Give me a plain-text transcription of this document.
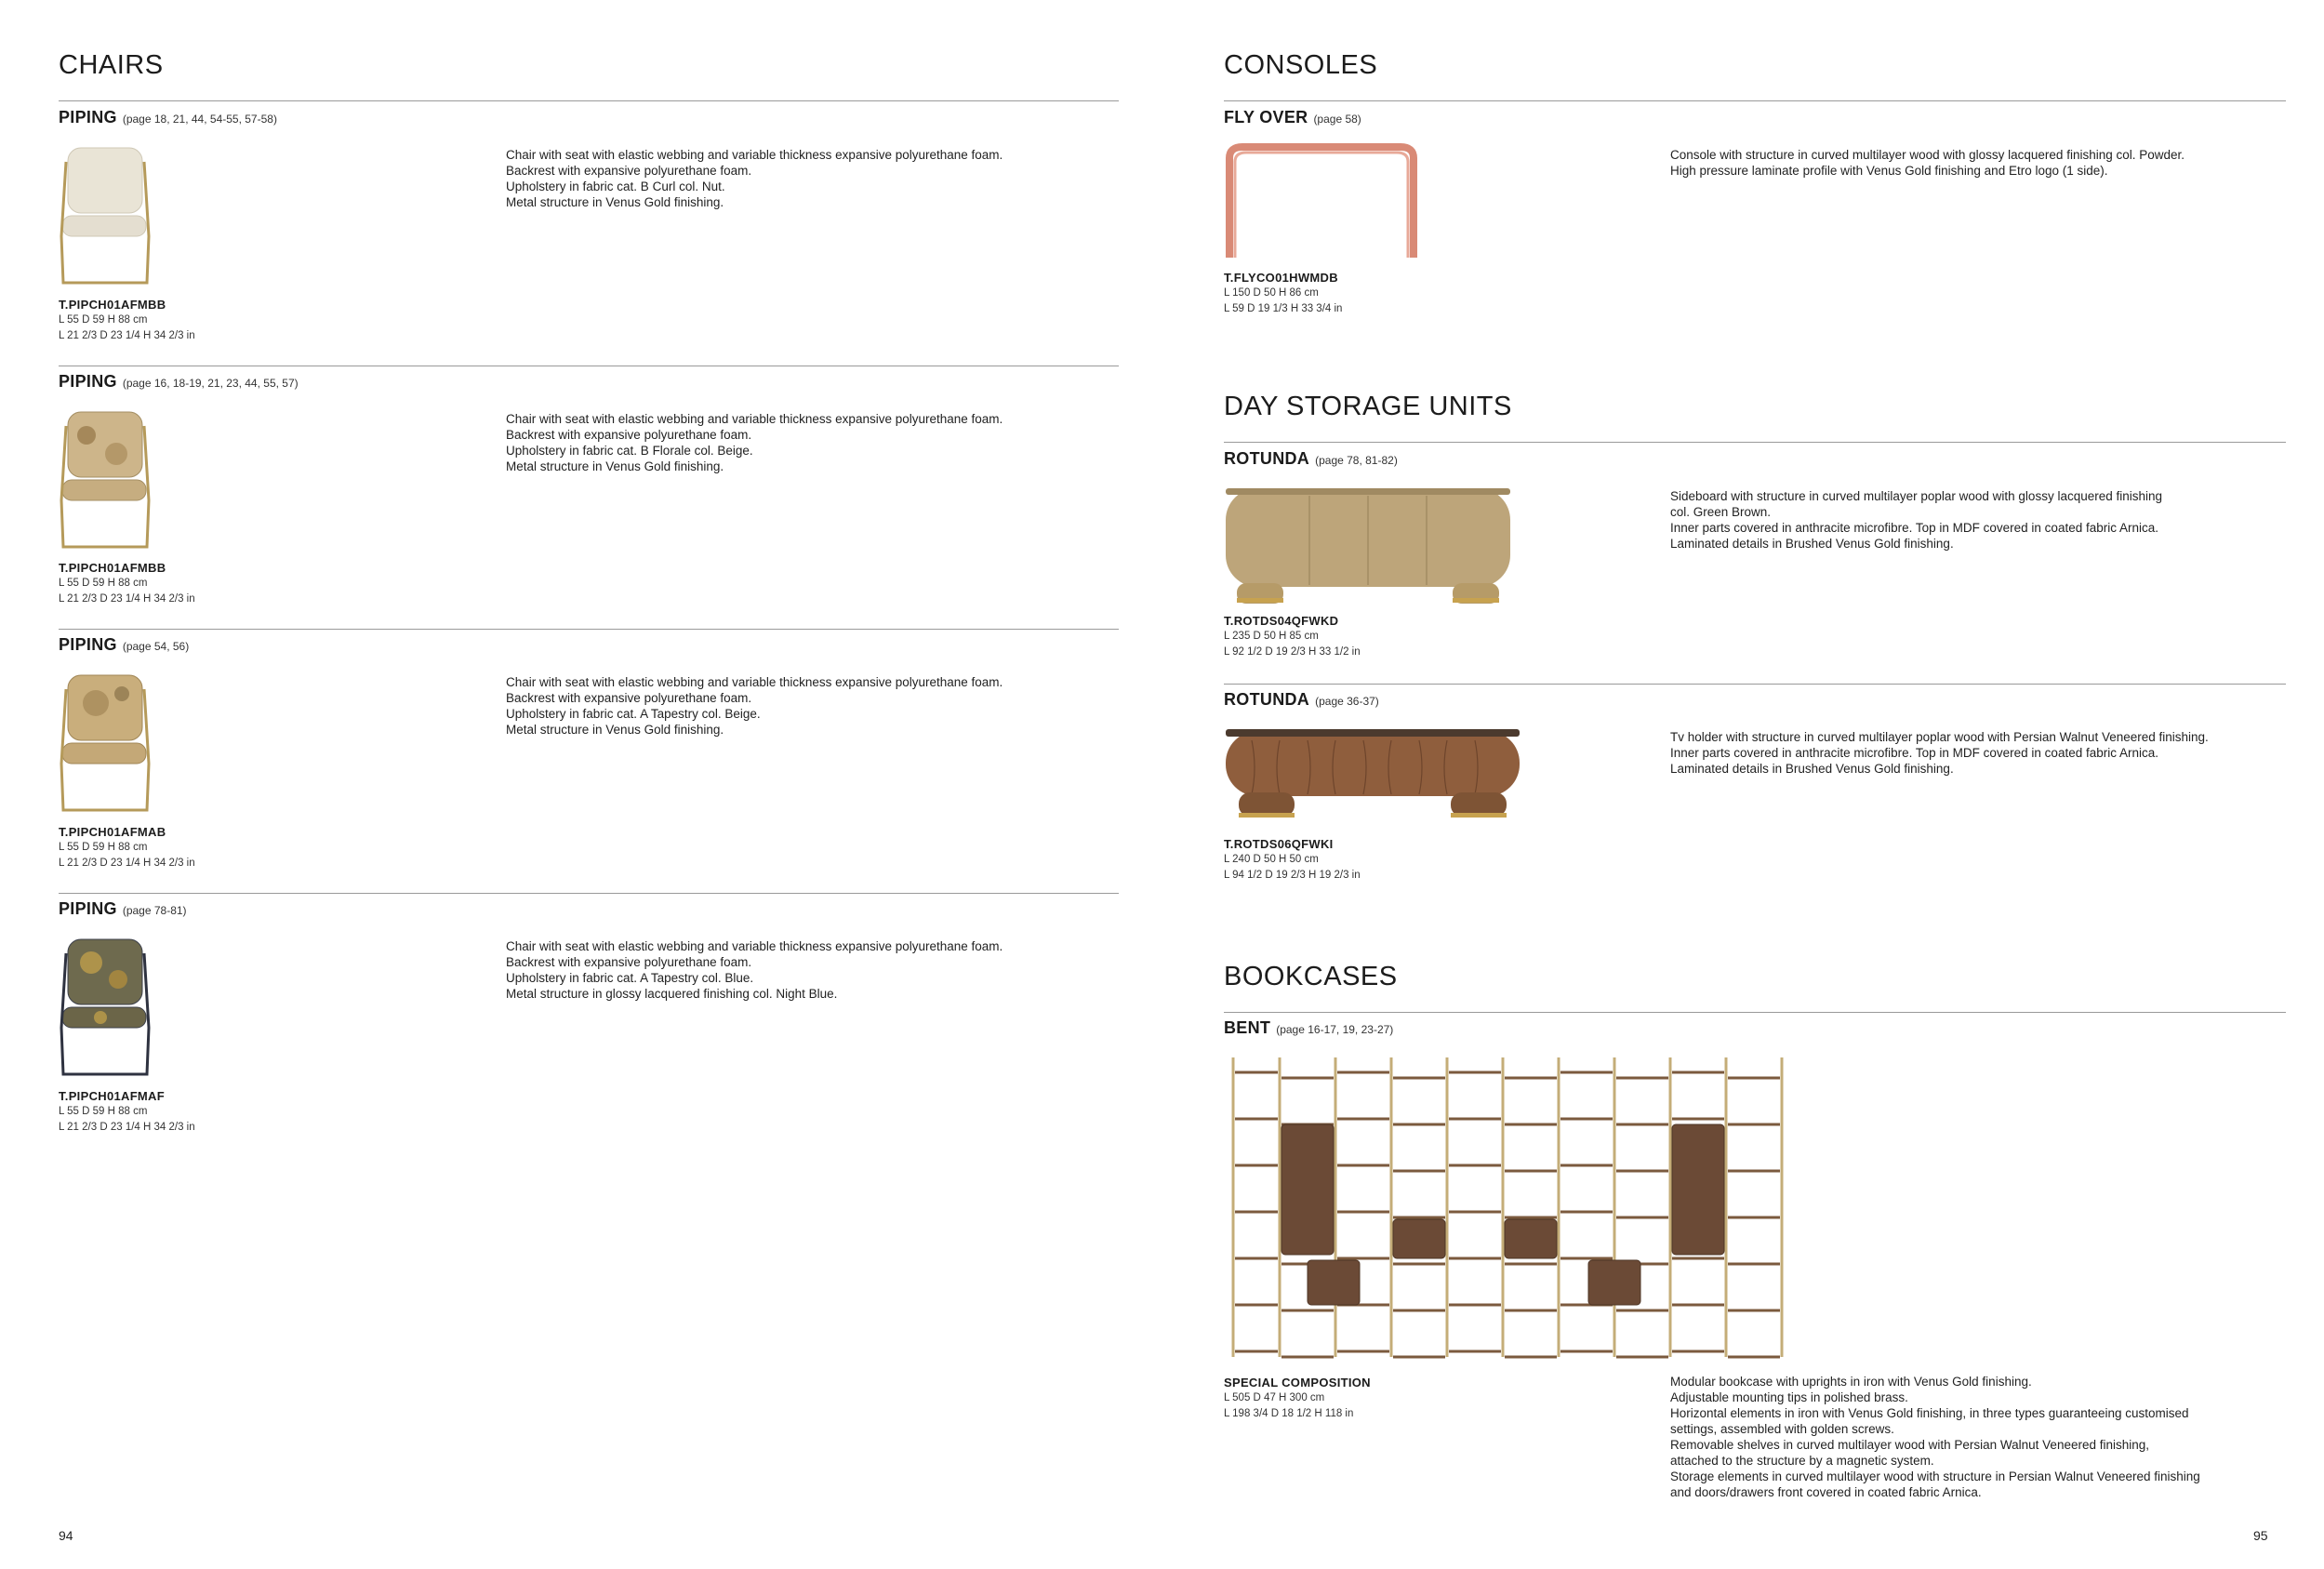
CHAIRS
PIPING (page 18, 21, 44, 54-55, 57-58)
T.PIPCH01AFMBB
L 55 D 59 H 88 cm
L 21 2/3 D 23 1/4 H 34 2/3 in
Chair with seat with elastic webbing and variable thickness expansive polyurethane foam.
Backrest with expansive polyurethane foam.
Upholstery in fabric cat. B Curl col. Nut.
Metal structure in Venus Gold finishing.
PIPING (page 16, 18-19, 21, 23, 44, 55, 57)
T.PIPCH01AFMBB
L 55 D 59 H 88 cm
L 21 2/3 D 23 1/4 H 34 2/3 in
Chair with seat with elastic webbing and variable thickness expansive polyurethane foam.
Backrest with expansive polyurethane foam.
Upholstery in fabric cat. B Florale col. Beige.
Metal structure in Venus Gold finishing.
PIPING (page 54, 56)
T.PIPCH01AFMAB
L 55 D 59 H 88 cm
L 21 2/3 D 23 1/4 H 34 2/3 in
Chair with seat with elastic webbing and variable thickness expansive polyurethane foam.
Backrest with expansive polyurethane foam.
Upholstery in fabric cat. A Tapestry col. Beige.
Metal structure in Venus Gold finishing.
PIPING (page 78-81)
T.PIPCH01AFMAF
L 55 D 59 H 88 cm
L 21 2/3 D 23 1/4 H 34 2/3 in
Chair with seat with elastic webbing and variable thickness expansive polyurethane foam.
Backrest with expansive polyurethane foam.
Upholstery in fabric cat. A Tapestry col. Blue.
Metal structure in glossy lacquered finishing col. Night Blue.
94
CONSOLES
FLY OVER (page 58)
T.FLYCO01HWMDB
L 150 D 50 H 86 cm
L 59 D 19 1/3 H 33 3/4 in
Console with structure in curved multilayer wood with glossy lacquered finishing col. Powder.
High pressure laminate profile with Venus Gold finishing and Etro logo (1 side).
DAY STORAGE UNITS
ROTUNDA (page 78, 81-82)
T.ROTDS04QFWKD
L 235 D 50 H 85 cm
L 92 1/2 D 19 2/3 H 33 1/2 in
Sideboard with structure in curved multilayer poplar wood with glossy lacquered finishing
col. Green Brown.
Inner parts covered in anthracite microfibre. Top in MDF covered in coated fabric Arnica.
Laminated details in Brushed Venus Gold finishing.
ROTUNDA (page 36-37)
T.ROTDS06QFWKI
L 240 D 50 H 50 cm
L 94 1/2 D 19 2/3 H 19 2/3 in
Tv holder with structure in curved multilayer poplar wood with Persian Walnut Veneered finishing.
Inner parts covered in anthracite microfibre. Top in MDF covered in coated fabric Arnica.
Laminated details in Brushed Venus Gold finishing.
BOOKCASES
BENT (page 16-17, 19, 23-27)
SPECIAL COMPOSITION
L 505 D 47 H 300 cm
L 198 3/4 D 18 1/2 H 118 in
Modular bookcase with uprights in iron with Venus Gold finishing.
Adjustable mounting tips in polished brass.
Horizontal elements in iron with Venus Gold finishing, in three types guaranteeing customised
settings, assembled with golden screws.
Removable shelves in curved multilayer wood with Persian Walnut Veneered finishing,
attached to the structure by a magnetic system.
Storage elements in curved multilayer wood with structure in Persian Walnut Veneered finishing
and doors/drawers front covered in coated fabric Arnica.
95
